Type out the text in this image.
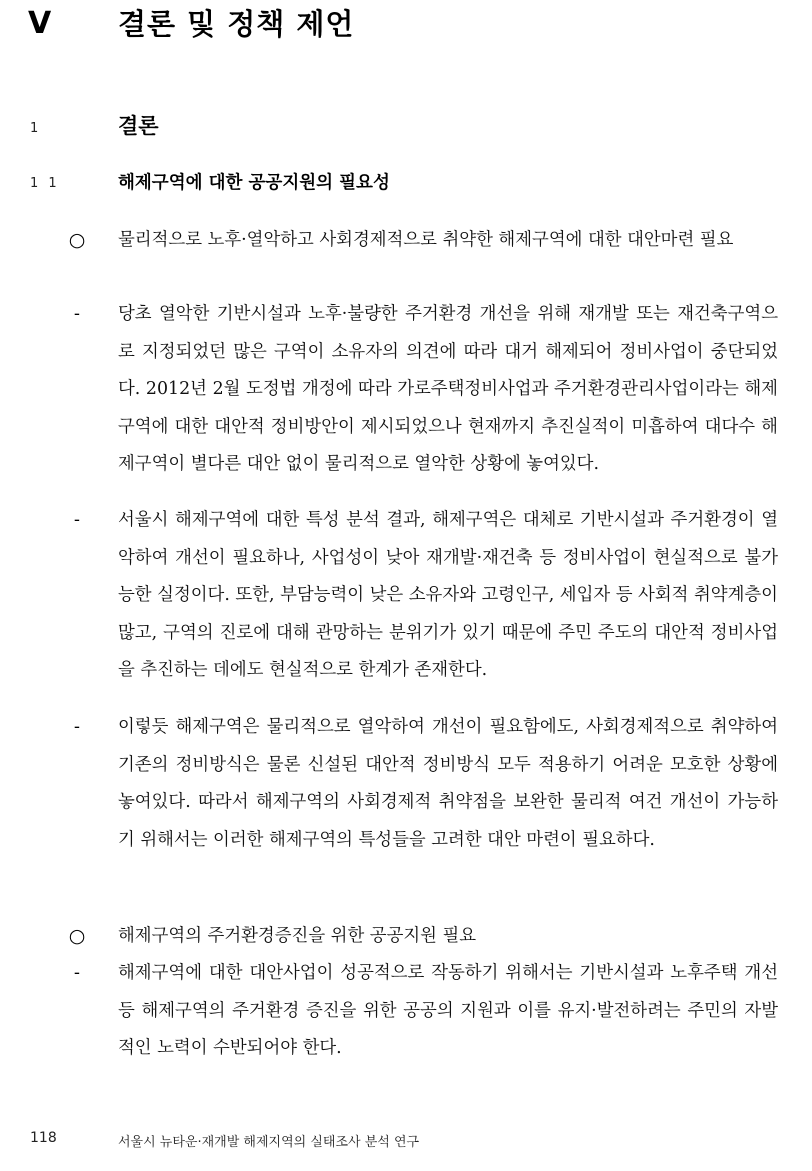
V 결론 및 정책 제언
1	결론
1 1	해제구역에 대한 공공지원의 필요성
○	물리적으로 노후·열악하고 사회경제적으로 취약한 해제구역에 대한 대안마련 필요
-	당초 열악한 기반시설과 노후·불량한 주거환경 개선을 위해 재개발 또는 재건축구역으로 지정되었던 많은 구역이 소유자의 의견에 따라 대거 해제되어 정비사업이 중단되었다. 2012년 2월 도정법 개정에 따라 가로주택정비사업과 주거환경관리사업이라는 해제구역에 대한 대안적 정비방안이 제시되었으나 현재까지 추진실적이 미흡하여 대다수 해제구역이 별다른 대안 없이 물리적으로 열악한 상황에 놓여있다.
-	서울시 해제구역에 대한 특성 분석 결과, 해제구역은 대체로 기반시설과 주거환경이 열악하여 개선이 필요하나, 사업성이 낮아 재개발·재건축 등 정비사업이 현실적으로 불가능한 실정이다. 또한, 부담능력이 낮은 소유자와 고령인구, 세입자 등 사회적 취약계층이 많고, 구역의 진로에 대해 관망하는 분위기가 있기 때문에 주민 주도의 대안적 정비사업을 추진하는 데에도 현실적으로 한계가 존재한다.
-	이렇듯 해제구역은 물리적으로 열악하여 개선이 필요함에도, 사회경제적으로 취약하여 기존의 정비방식은 물론 신설된 대안적 정비방식 모두 적용하기 어려운 모호한 상황에 놓여있다. 따라서 해제구역의 사회경제적 취약점을 보완한 물리적 여건 개선이 가능하기 위해서는 이러한 해제구역의 특성들을 고려한 대안 마련이 필요하다.
○	해제구역의 주거환경증진을 위한 공공지원 필요
-	해제구역에 대한 대안사업이 성공적으로 작동하기 위해서는 기반시설과 노후주택 개선 등 해제구역의 주거환경 증진을 위한 공공의 지원과 이를 유지·발전하려는 주민의 자발적인 노력이 수반되어야 한다.
118	서울시 뉴타운·재개발 해제지역의 실태조사 분석 연구
